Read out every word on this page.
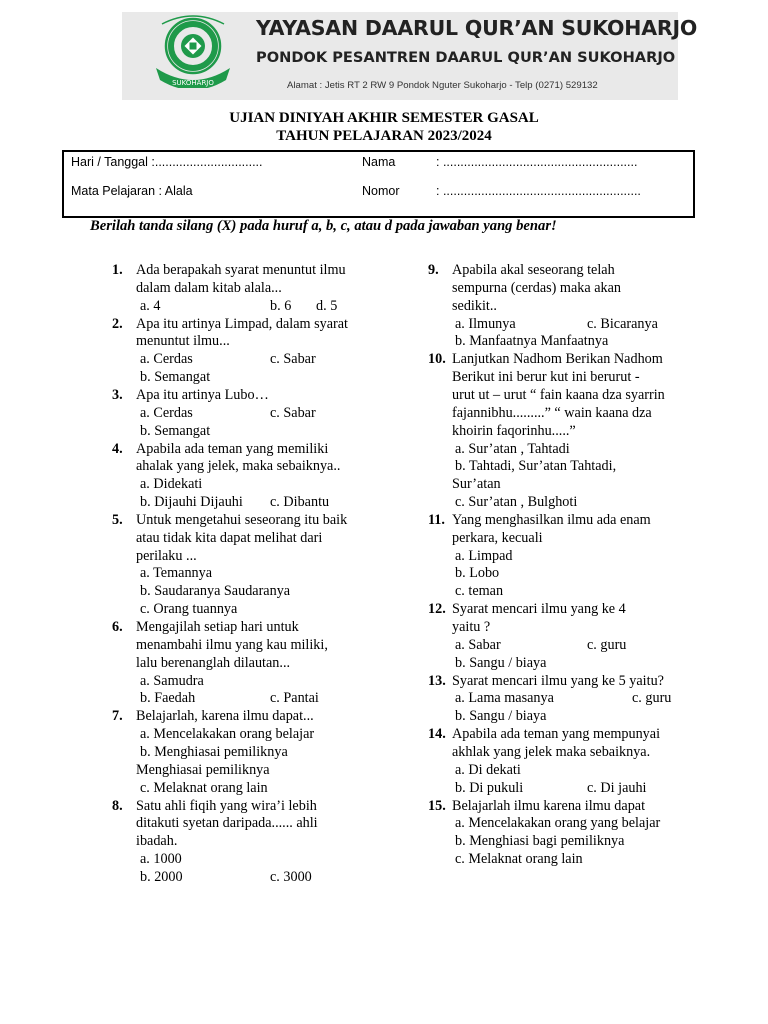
SUKOHARJO
YAYASAN DAARUL QUR’AN SUKOHARJO
PONDOK PESANTREN DAARUL QUR’AN SUKOHARJO
Alamat : Jetis RT 2 RW 9 Pondok Nguter Sukoharjo - Telp (0271) 529132
UJIAN DINIYAH AKHIR SEMESTER GASAL
TAHUN PELAJARAN 2023/2024
Hari / Tanggal :...............................
Mata Pelajaran : Alala
Nama	: ........................................................
Nomor	: .........................................................
Berilah tanda silang (X) pada huruf a, b, c, atau d pada jawaban yang benar!
1. Ada berapakah syarat menuntut ilmu
dalam dalam kitab alala...
a. 4	b. 6 d. 5
2. Apa itu artinya Limpad, dalam syarat
menuntut ilmu...
a. Cerdas	c. Sabar
b. Semangat
3. Apa itu artinya Lubo…
a. Cerdas	c. Sabar
b. Semangat
4. Apabila ada teman yang memiliki
ahalak yang jelek, maka sebaiknya..
a. Didekati
b. Dijauhi Dijauhi c. Dibantu
5. Untuk mengetahui seseorang itu baik
atau tidak kita dapat melihat dari
perilaku ...
a. Temannya
b. Saudaranya Saudaranya
c. Orang tuannya
6. Mengajilah setiap hari untuk
menambahi ilmu yang kau miliki,
lalu berenanglah dilautan...
a. Samudra
b. Faedah	c. Pantai
7. Belajarlah, karena ilmu dapat...
a. Mencelakakan orang belajar
b. Menghiasai pemiliknya
Menghiasai pemiliknya
c. Melaknat orang lain
8. Satu ahli fiqih yang wira’i lebih
ditakuti syetan daripada...... ahli
ibadah.
a. 1000
b. 2000	c. 3000
9. Apabila akal seseorang telah
sempurna (cerdas) maka akan
sedikit..
a. Ilmunya	c. Bicaranya
b. Manfaatnya Manfaatnya
10. Lanjutkan Nadhom Berikan Nadhom
Berikut ini berur kut ini berurut -
urut ut – urut “ fain kaana dza syarrin
fajannibhu.........” “ wain kaana dza
khoirin faqorinhu.....”
a. Sur’atan , Tahtadi
b. Tahtadi, Sur’atan Tahtadi,
Sur’atan
c. Sur’atan , Bulghoti
11. Yang menghasilkan ilmu ada enam
perkara, kecuali
a. Limpad
b. Lobo
c. teman
12. Syarat mencari ilmu yang ke 4
yaitu ?
a. Sabar	c. guru
b. Sangu / biaya
13. Syarat mencari ilmu yang ke 5 yaitu?
a. Lama masanya	c. guru
b. Sangu / biaya
14. Apabila ada teman yang mempunyai
akhlak yang jelek maka sebaiknya.
a. Di dekati
b. Di pukuli	c. Di jauhi
15. Belajarlah ilmu karena ilmu dapat
a. Mencelakakan orang yang belajar
b. Menghiasi bagi pemiliknya
c. Melaknat orang lain
